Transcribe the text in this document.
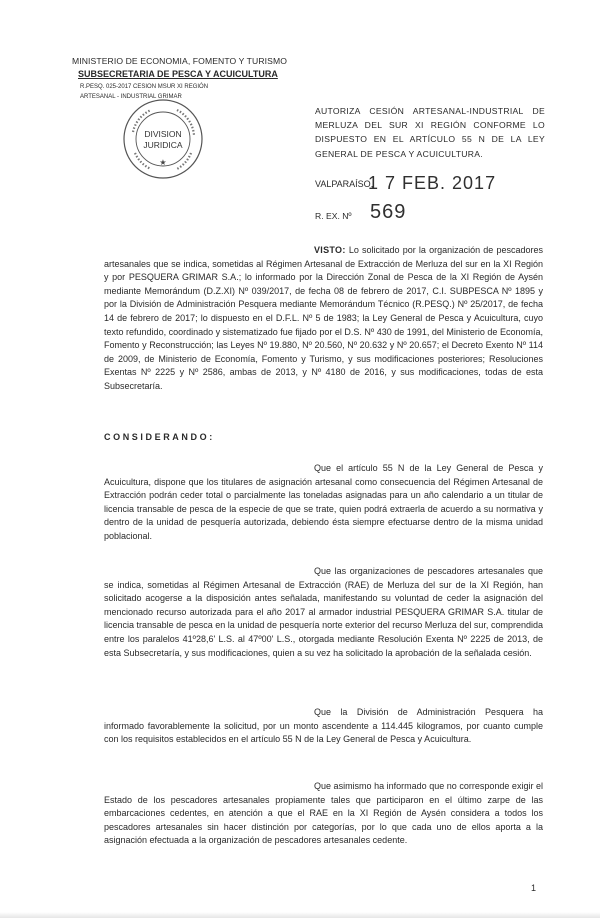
MINISTERIO DE ECONOMIA, FOMENTO Y TURISMO
SUBSECRETARIA DE PESCA Y ACUICULTURA
R.PESQ. 025-2017 CESION MSUR XI REGIÓN
ARTESANAL - INDUSTRIAL GRIMAR
DIVISION
JURIDICA
★
AUTORIZA CESIÓN ARTESANAL-INDUSTRIAL DE MERLUZA DEL SUR XI REGIÓN CONFORME LO DISPUESTO EN EL ARTÍCULO 55 N DE LA LEY GENERAL DE PESCA Y ACUICULTURA.
VALPARAÍSO,
1 7 FEB. 2017
R. EX. Nº 569
VISTO: Lo solicitado por la organización de pescadores artesanales que se indica, sometidas al Régimen Artesanal de Extracción de Merluza del sur en la XI Región y por PESQUERA GRIMAR S.A.; lo informado por la Dirección Zonal de Pesca de la XI Región de Aysén mediante Memorándum (D.Z.XI) Nº 039/2017, de fecha 08 de febrero de 2017, C.I. SUBPESCA Nº 1895 y por la División de Administración Pesquera mediante Memorándum Técnico (R.PESQ.) Nº 25/2017, de fecha 14 de febrero de 2017; lo dispuesto en el D.F.L. Nº 5 de 1983; la Ley General de Pesca y Acuicultura, cuyo texto refundido, coordinado y sistematizado fue fijado por el D.S. Nº 430 de 1991, del Ministerio de Economía, Fomento y Reconstrucción; las Leyes Nº 19.880, Nº 20.560, Nº 20.632 y Nº 20.657; el Decreto Exento Nº 114 de 2009, de Ministerio de Economía, Fomento y Turismo, y sus modificaciones posteriores; Resoluciones Exentas Nº 2225 y Nº 2586, ambas de 2013, y Nº 4180 de 2016, y sus modificaciones, todas de esta Subsecretaría.
CONSIDERANDO:
Que el artículo 55 N de la Ley General de Pesca y Acuicultura, dispone que los titulares de asignación artesanal como consecuencia del Régimen Artesanal de Extracción podrán ceder total o parcialmente las toneladas asignadas para un año calendario a un titular de licencia transable de pesca de la especie de que se trate, quien podrá extraerla de acuerdo a su normativa y dentro de la unidad de pesquería autorizada, debiendo ésta siempre efectuarse dentro de la misma unidad poblacional.
Que las organizaciones de pescadores artesanales que se indica, sometidas al Régimen Artesanal de Extracción (RAE) de Merluza del sur de la XI Región, han solicitado acogerse a la disposición antes señalada, manifestando su voluntad de ceder la asignación del mencionado recurso autorizada para el año 2017 al armador industrial PESQUERA GRIMAR S.A. titular de licencia transable de pesca en la unidad de pesquería norte exterior del recurso Merluza del sur, comprendida entre los paralelos 41º28,6' L.S. al 47º00' L.S., otorgada mediante Resolución Exenta Nº 2225 de 2013, de esta Subsecretaría, y sus modificaciones, quien a su vez ha solicitado la aprobación de la señalada cesión.
Que la División de Administración Pesquera ha informado favorablemente la solicitud, por un monto ascendente a 114.445 kilogramos, por cuanto cumple con los requisitos establecidos en el artículo 55 N de la Ley General de Pesca y Acuicultura.
Que asimismo ha informado que no corresponde exigir el Estado de los pescadores artesanales propiamente tales que participaron en el último zarpe de las embarcaciones cedentes, en atención a que el RAE en la XI Región de Aysén considera a todos los pescadores artesanales sin hacer distinción por categorías, por lo que cada uno de ellos aporta a la asignación efectuada a la organización de pescadores artesanales cedente.
1
